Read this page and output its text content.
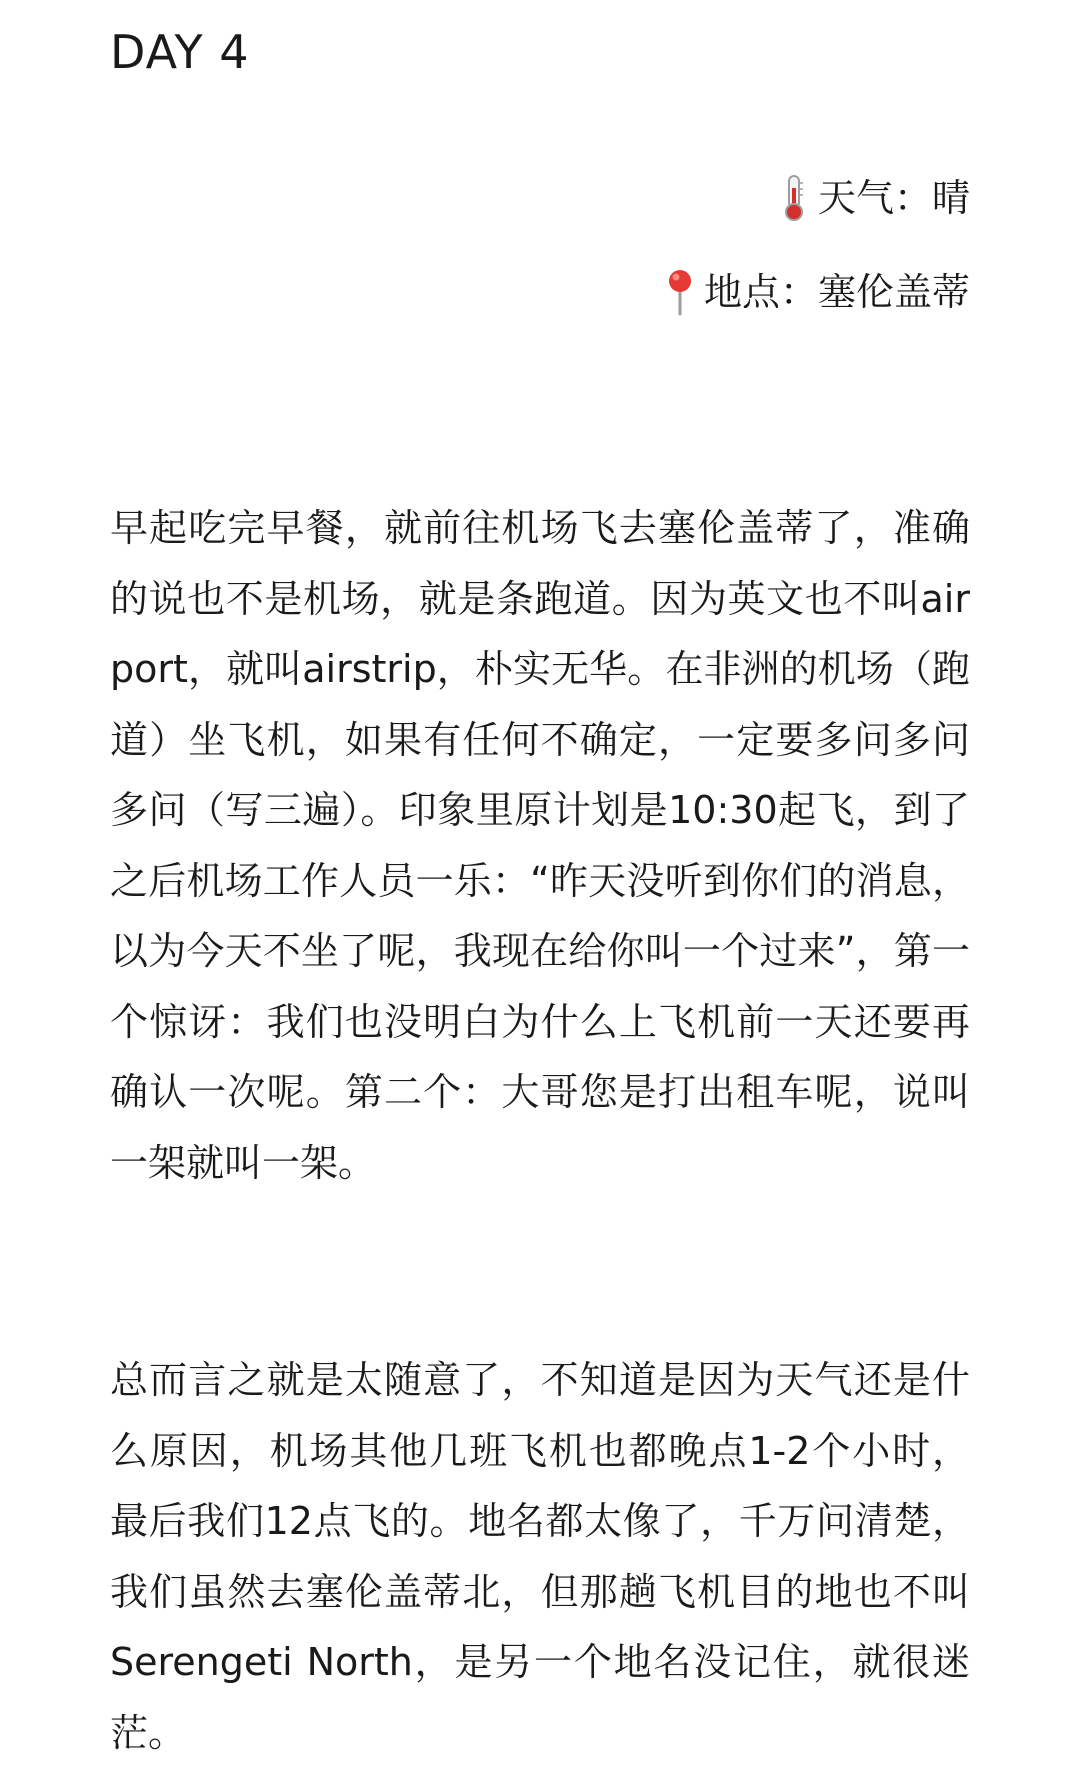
DAY 4
天气：晴
地点：塞伦盖蒂

早起吃完早餐，就前往机场飞去塞伦盖蒂了，准确的说也不是机场，就是条跑道。因为英文也不叫airport，就叫airstrip，朴实无华。在非洲的机场（跑道）坐飞机，如果有任何不确定，一定要多问多问多问（写三遍）。印象里原计划是10:30起飞，到了之后机场工作人员一乐：“昨天没听到你们的消息，以为今天不坐了呢，我现在给你叫一个过来”，第一个惊讶：我们也没明白为什么上飞机前一天还要再确认一次呢。第二个：大哥您是打出租车呢，说叫一架就叫一架。

总而言之就是太随意了，不知道是因为天气还是什么原因，机场其他几班飞机也都晚点1-2个小时，最后我们12点飞的。地名都太像了，千万问清楚，我们虽然去塞伦盖蒂北，但那趟飞机目的地也不叫Serengeti North，是另一个地名没记住，就很迷茫。
